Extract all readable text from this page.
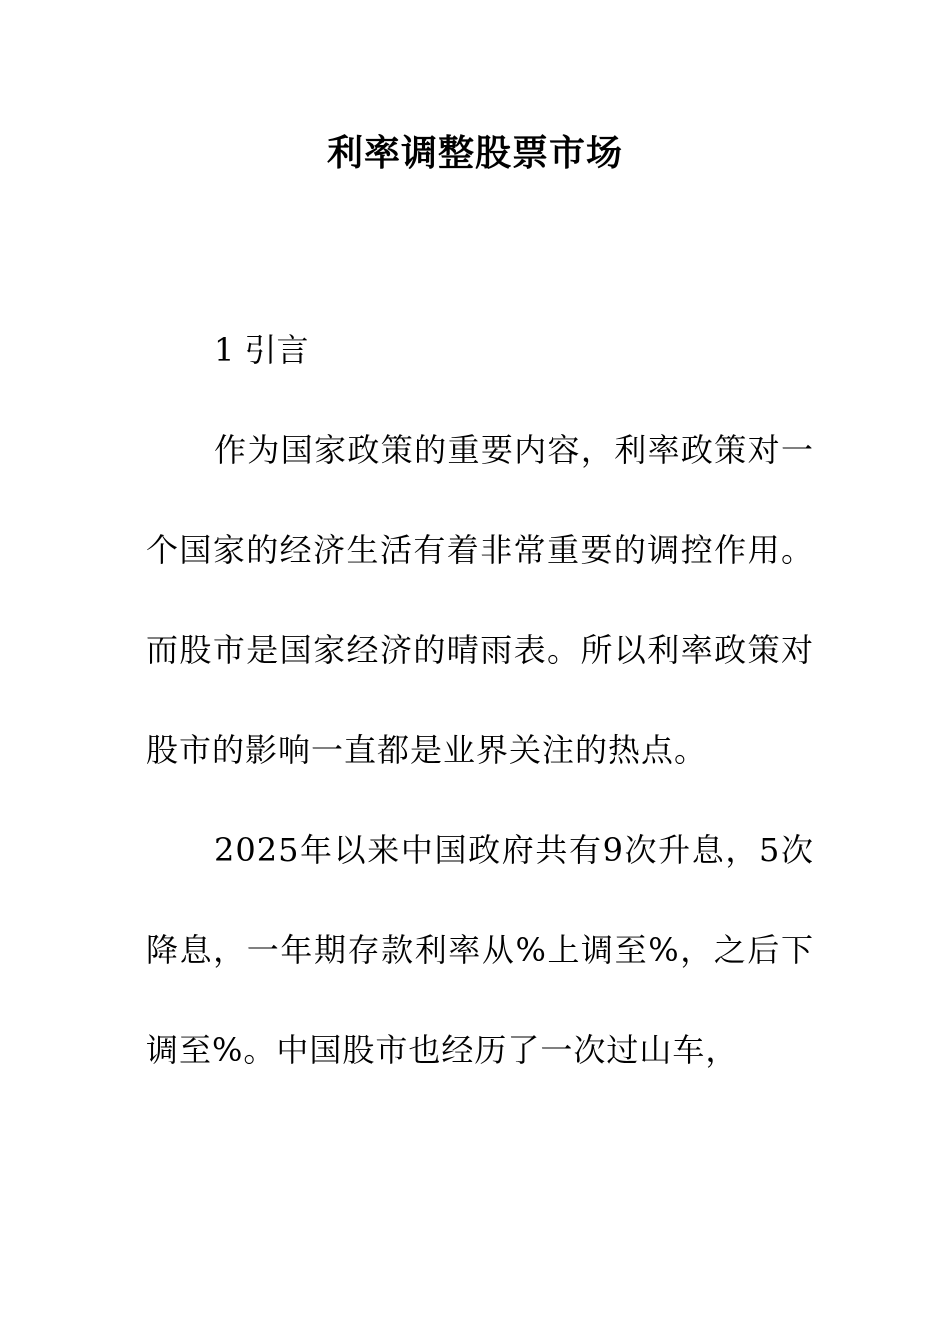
利率调整股票市场

1 引言

作为国家政策的重要内容，利率政策对一个国家的经济生活有着非常重要的调控作用。而股市是国家经济的晴雨表。所以利率政策对股市的影响一直都是业界关注的热点。

2025年以来中国政府共有9次升息，5次降息，一年期存款利率从%上调至%，之后下调至%。中国股市也经历了一次过山车，
